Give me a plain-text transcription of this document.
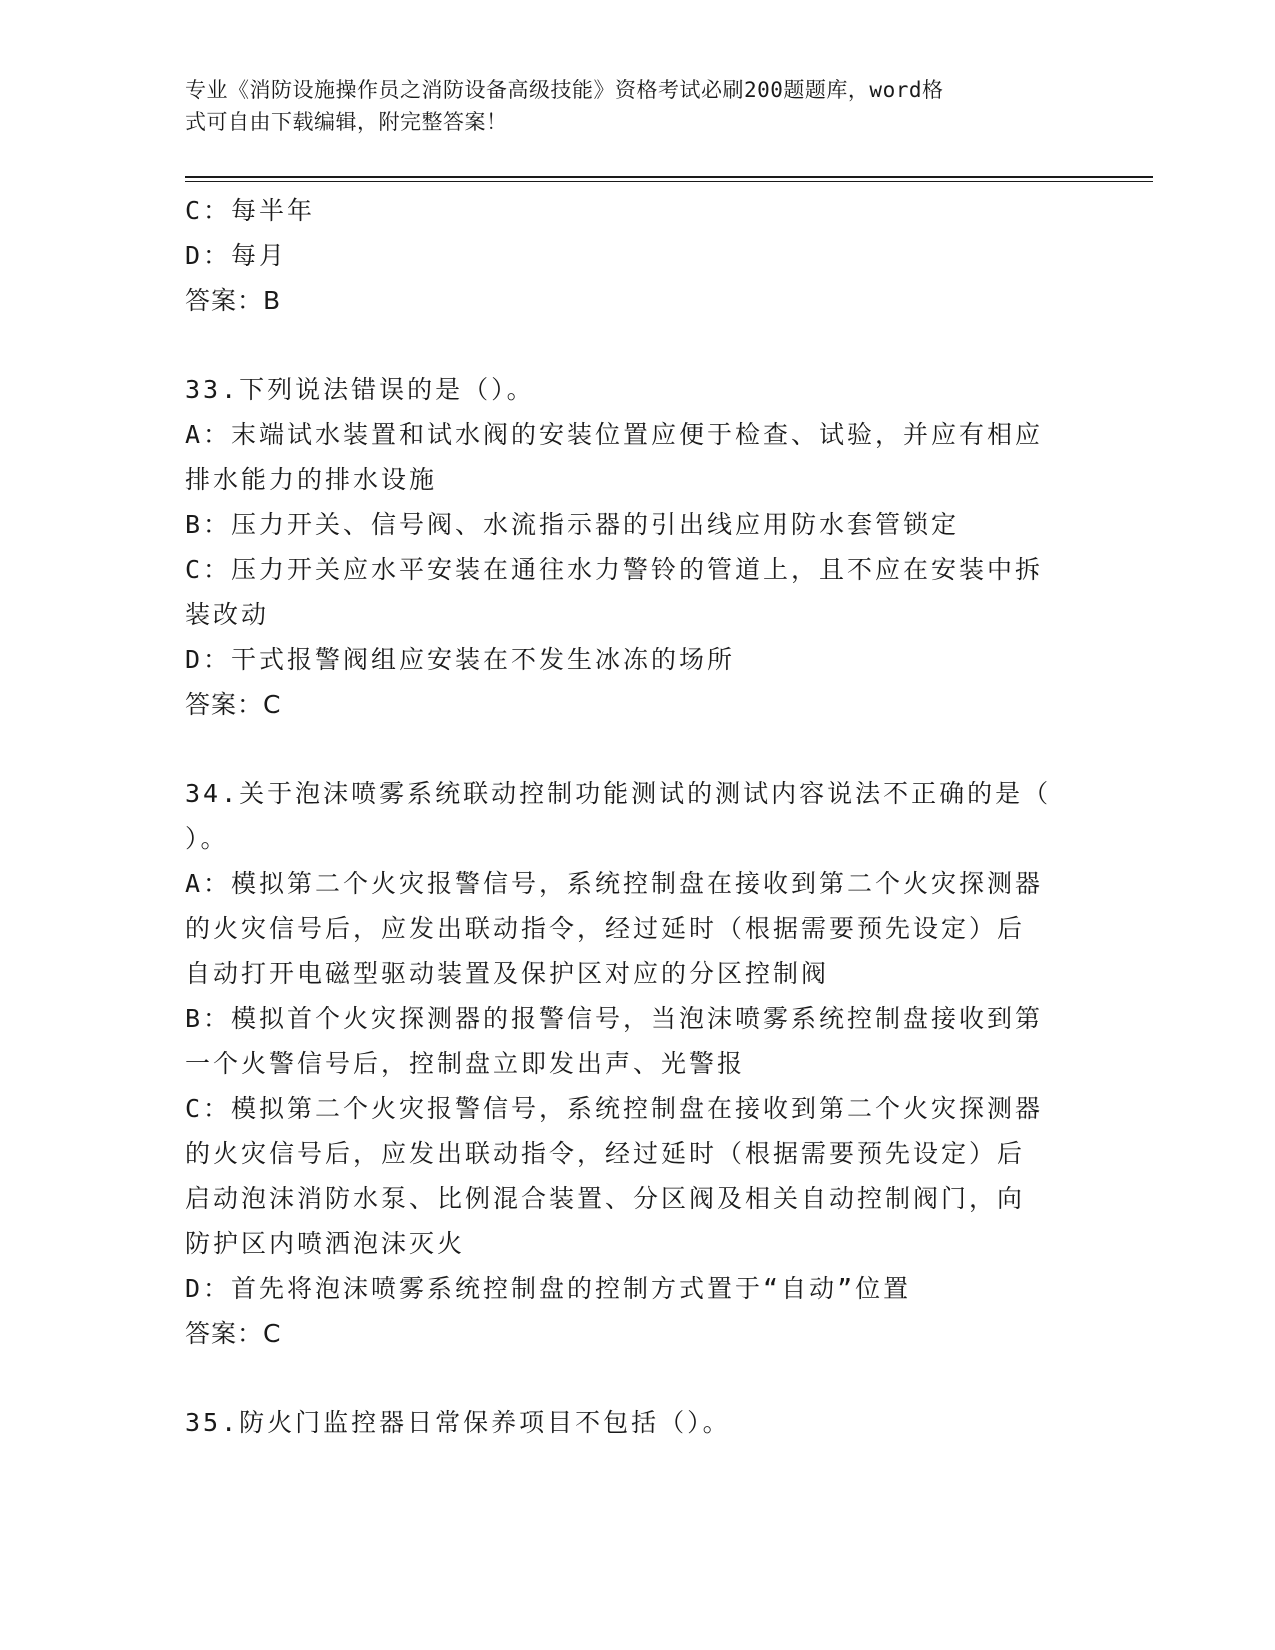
专业《消防设施操作员之消防设备高级技能》资格考试必刷200题题库，word格
式可自由下载编辑，附完整答案！
C：每半年
D：每月
答案：B
33.下列说法错误的是（）。
A：末端试水装置和试水阀的安装位置应便于检查、试验，并应有相应
排水能力的排水设施
B：压力开关、信号阀、水流指示器的引出线应用防水套管锁定
C：压力开关应水平安装在通往水力警铃的管道上，且不应在安装中拆
装改动
D：干式报警阀组应安装在不发生冰冻的场所
答案：C
34.关于泡沫喷雾系统联动控制功能测试的测试内容说法不正确的是（
）。
A：模拟第二个火灾报警信号，系统控制盘在接收到第二个火灾探测器
的火灾信号后，应发出联动指令，经过延时（根据需要预先设定）后
自动打开电磁型驱动装置及保护区对应的分区控制阀
B：模拟首个火灾探测器的报警信号，当泡沫喷雾系统控制盘接收到第
一个火警信号后，控制盘立即发出声、光警报
C：模拟第二个火灾报警信号，系统控制盘在接收到第二个火灾探测器
的火灾信号后，应发出联动指令，经过延时（根据需要预先设定）后
启动泡沫消防水泵、比例混合装置、分区阀及相关自动控制阀门，向
防护区内喷洒泡沫灭火
D：首先将泡沫喷雾系统控制盘的控制方式置于“自动”位置
答案：C
35.防火门监控器日常保养项目不包括（）。
